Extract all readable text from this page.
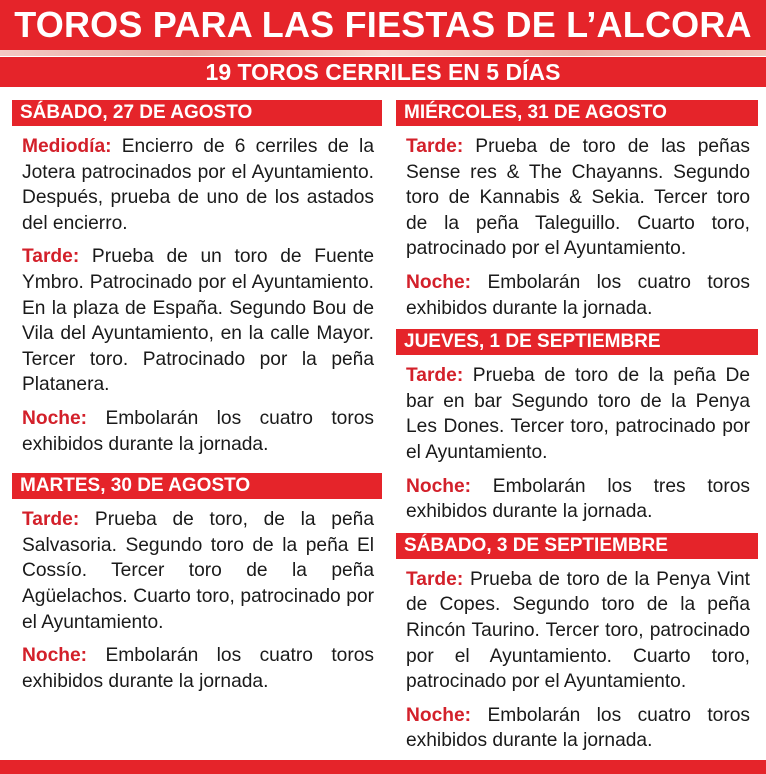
TOROS PARA LAS FIESTAS DE L’ALCORA
19 TOROS CERRILES EN 5 DÍAS
SÁBADO, 27 DE AGOSTO

Mediodía: Encierro de 6 cerriles de la Jotera patrocinados por el Ayuntamiento. Después, prueba de uno de los astados del encierro.

Tarde: Prueba de un toro de Fuente Ymbro. Patrocinado por el Ayuntamiento. En la plaza de España. Segundo Bou de Vila del Ayuntamiento, en la calle Mayor. Tercer toro. Patrocinado por la peña Platanera.

Noche: Embolarán los cuatro toros exhibidos durante la jornada.

MARTES, 30 DE AGOSTO

Tarde: Prueba de toro, de la peña Salvasoria. Segundo toro de la peña El Cossío. Tercer toro de la peña Agüelachos. Cuarto toro, patrocinado por el Ayuntamiento.

Noche: Embolarán los cuatro toros exhibidos durante la jornada.

MIÉRCOLES, 31 DE AGOSTO

Tarde: Prueba de toro de las peñas Sense res & The Chayanns. Segundo toro de Kannabis & Sekia. Tercer toro de la peña Taleguillo. Cuarto toro, patrocinado por el Ayuntamiento.

Noche: Embolarán los cuatro toros exhibidos durante la jornada.

JUEVES, 1 DE SEPTIEMBRE

Tarde: Prueba de toro de la peña De bar en bar Segundo toro de la Penya Les Dones. Tercer toro, patrocinado por el Ayuntamiento.

Noche: Embolarán los tres toros exhibidos durante la jornada.

SÁBADO, 3 DE SEPTIEMBRE

Tarde: Prueba de toro de la Penya Vint de Copes. Segundo toro de la peña Rincón Taurino. Tercer toro, patrocinado por el Ayuntamiento. Cuarto toro, patrocinado por el Ayuntamiento.

Noche: Embolarán los cuatro toros exhibidos durante la jornada.
